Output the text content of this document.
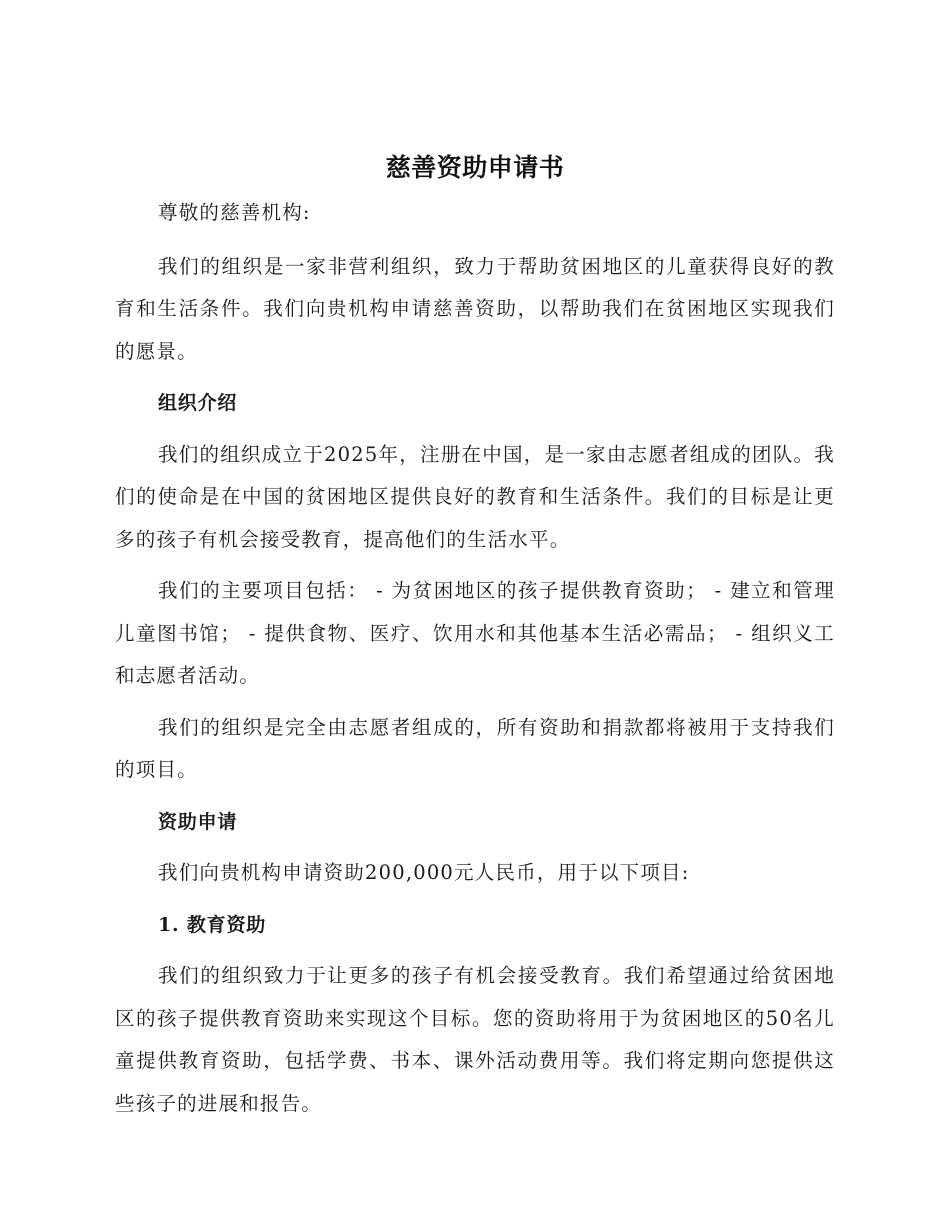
慈善资助申请书

尊敬的慈善机构:

我们的组织是一家非营利组织，致力于帮助贫困地区的儿童获得良好的教育和生活条件。我们向贵机构申请慈善资助，以帮助我们在贫困地区实现我们的愿景。

组织介绍

我们的组织成立于2025年，注册在中国，是一家由志愿者组成的团队。我们的使命是在中国的贫困地区提供良好的教育和生活条件。我们的目标是让更多的孩子有机会接受教育，提高他们的生活水平。

我们的主要项目包括： - 为贫困地区的孩子提供教育资助； - 建立和管理儿童图书馆； - 提供食物、医疗、饮用水和其他基本生活必需品； - 组织义工和志愿者活动。

我们的组织是完全由志愿者组成的，所有资助和捐款都将被用于支持我们的项目。

资助申请

我们向贵机构申请资助200,000元人民币，用于以下项目:

1. 教育资助

我们的组织致力于让更多的孩子有机会接受教育。我们希望通过给贫困地区的孩子提供教育资助来实现这个目标。您的资助将用于为贫困地区的50名儿童提供教育资助，包括学费、书本、课外活动费用等。我们将定期向您提供这些孩子的进展和报告。
